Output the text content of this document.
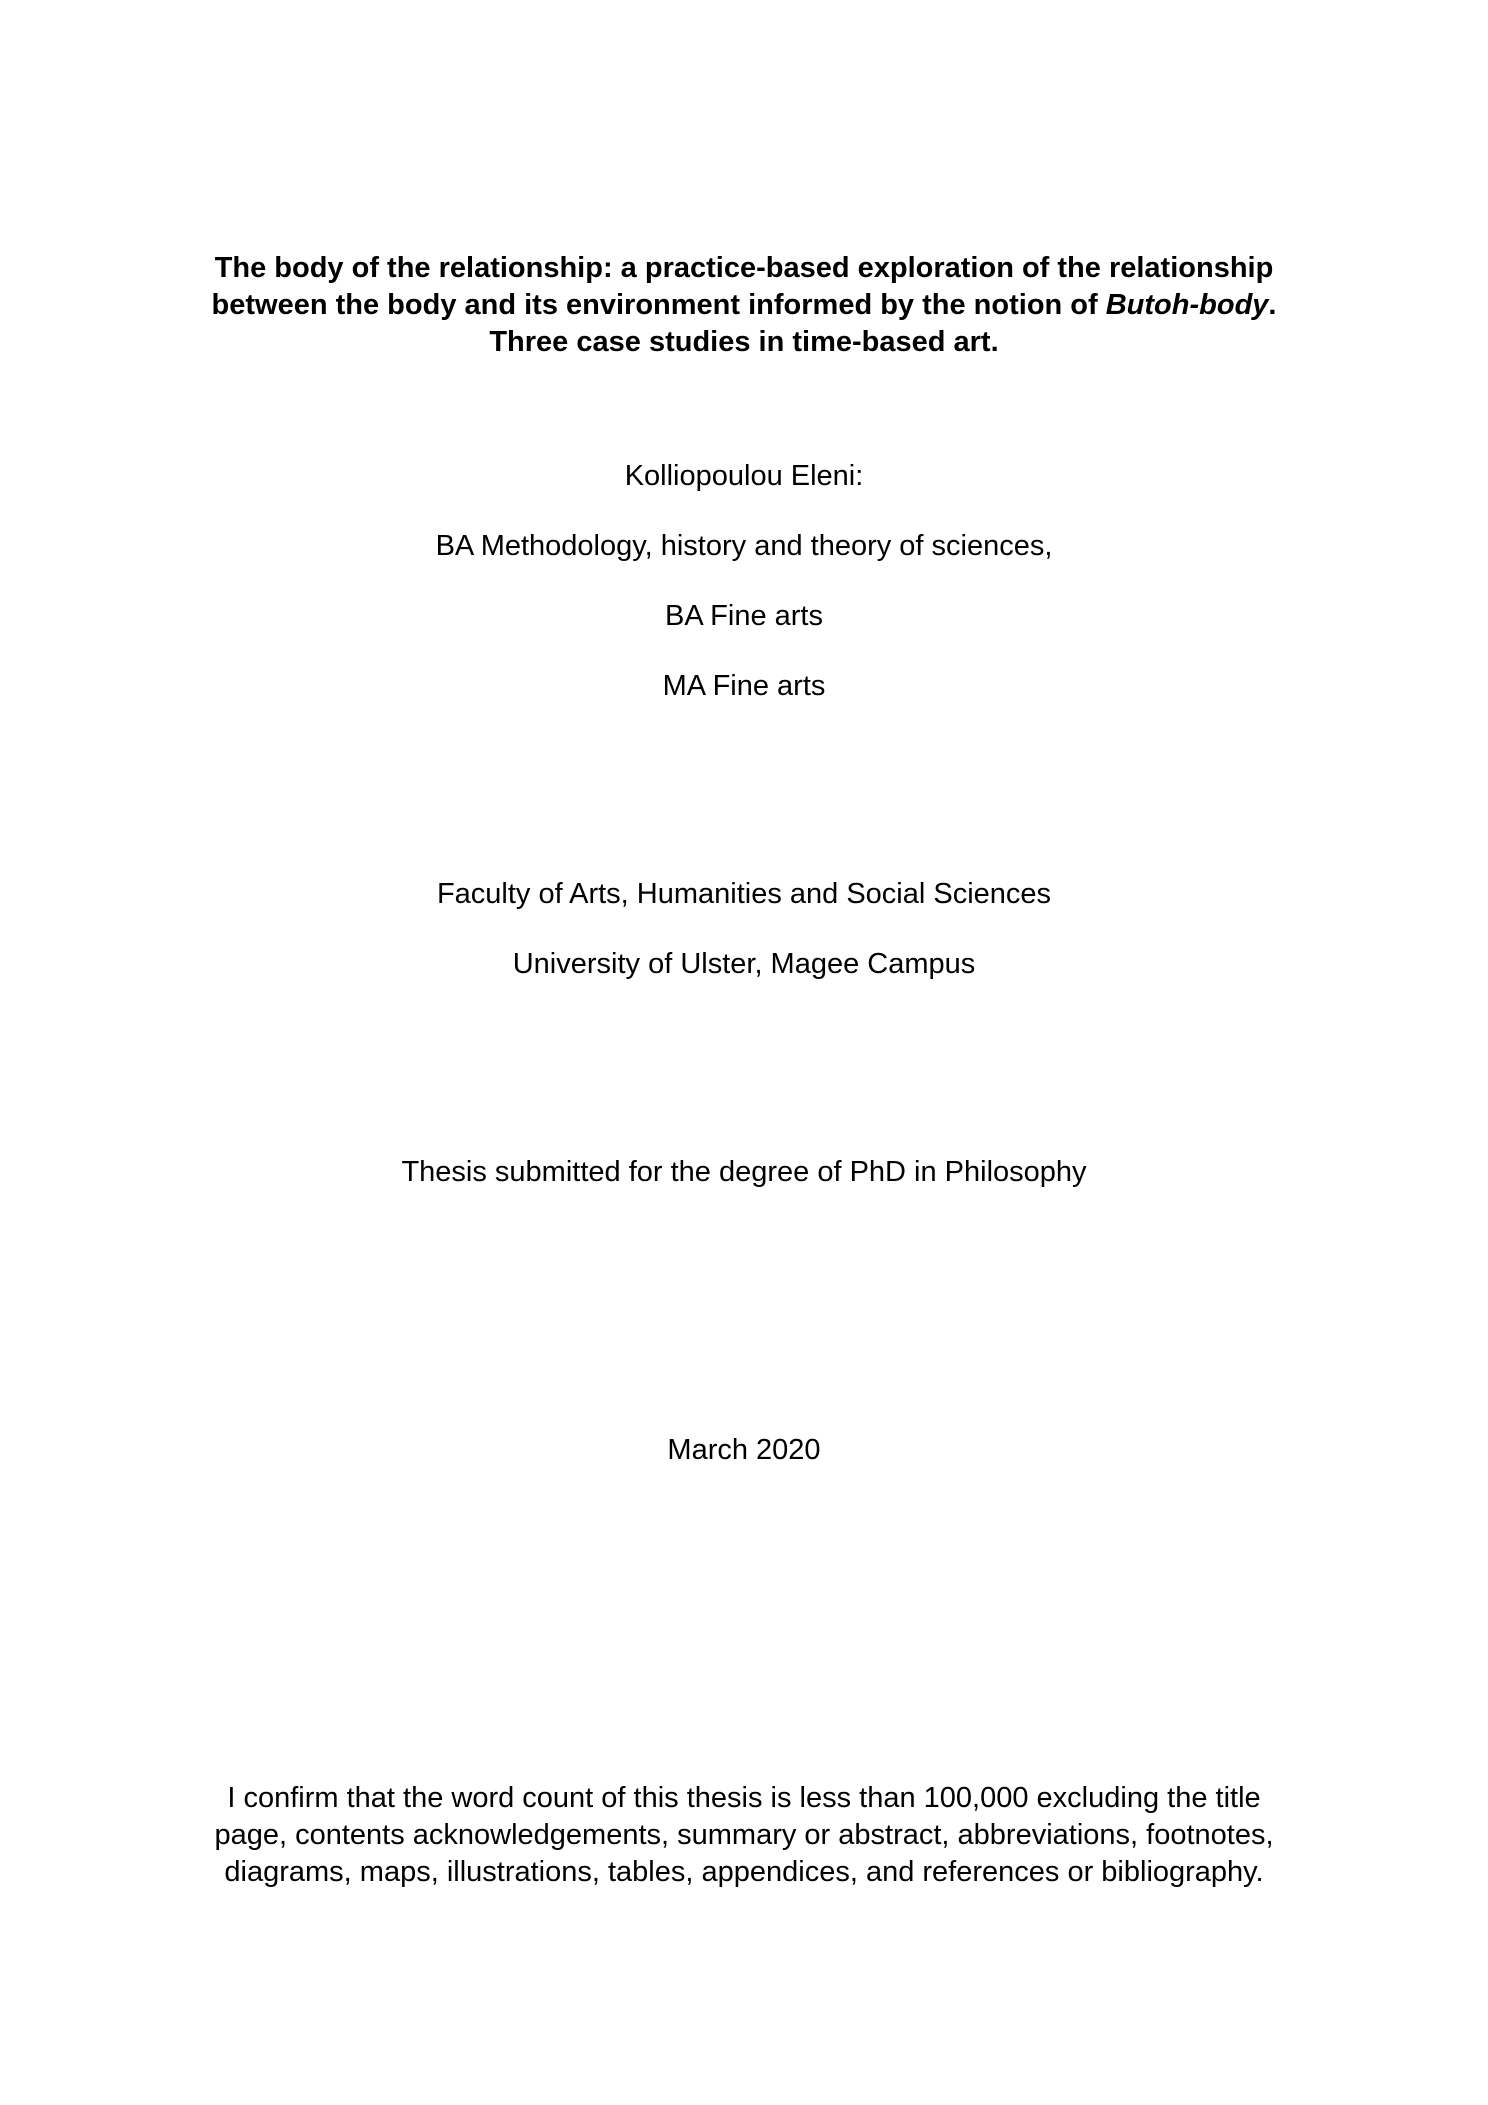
The body of the relationship: a practice-based exploration of the relationship
between the body and its environment informed by the notion of Butoh-body.
Three case studies in time-based art.
Kolliopoulou Eleni:
BA Methodology, history and theory of sciences,
BA Fine arts
MA Fine arts
Faculty of Arts, Humanities and Social Sciences
University of Ulster, Magee Campus
Thesis submitted for the degree of PhD in Philosophy
March 2020
I confirm that the word count of this thesis is less than 100,000 excluding the title
page, contents acknowledgements, summary or abstract, abbreviations, footnotes,
diagrams, maps, illustrations, tables, appendices, and references or bibliography.
